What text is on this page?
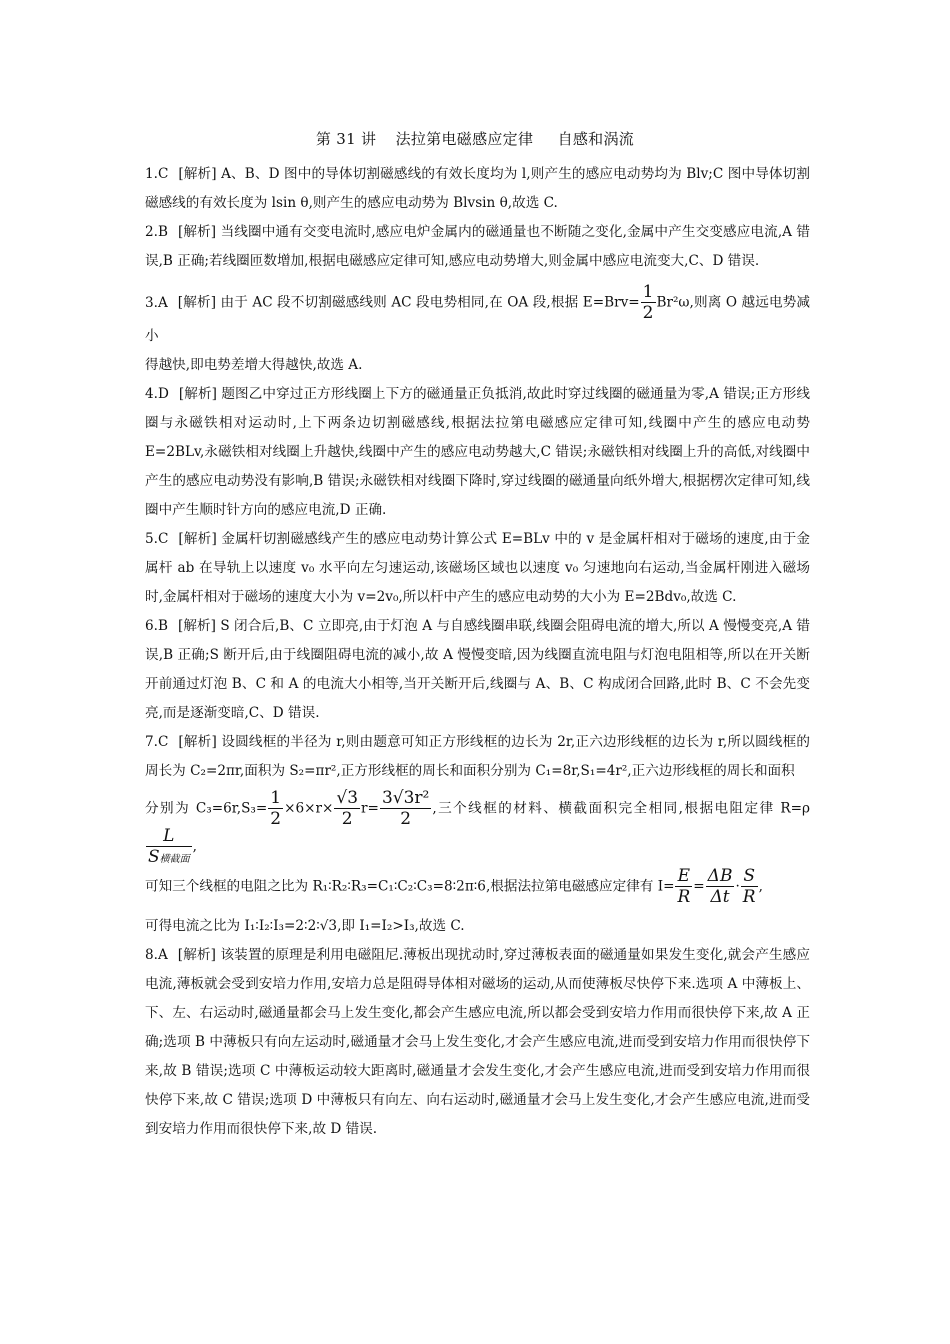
第 31 讲 法拉第电磁感应定律 自感和涡流

1.C [解析] A、B、D 图中的导体切割磁感线的有效长度均为 l,则产生的感应电动势均为 Blv;C 图中导体切割磁感线的有效长度为 lsin θ,则产生的感应电动势为 Blvsin θ,故选 C.

2.B [解析] 当线圈中通有交变电流时,感应电炉金属内的磁通量也不断随之变化,金属中产生交变感应电流,A 错误,B 正确;若线圈匝数增加,根据电磁感应定律可知,感应电动势增大,则金属中感应电流变大,C、D 错误.

3.A [解析] 由于 AC 段不切割磁感线则 AC 段电势相同,在 OA 段,根据 $E=Brv= \frac{1}{2} Br^2\omega$,则离 O 越远电势减小
得越快,即电势差增大得越快,故选 A.

4.D [解析] 题图乙中穿过正方形线圈上下方的磁通量正负抵消,故此时穿过线圈的磁通量为零,A 错误;正方形线圈与永磁铁相对运动时,上下两条边切割磁感线,根据法拉第电磁感应定律可知,线圈中产生的感应电动势 E=2BLv,永磁铁相对线圈上升越快,线圈中产生的感应电动势越大,C 错误;永磁铁相对线圈上升的高低,对线圈中产生的感应电动势没有影响,B 错误;永磁铁相对线圈下降时,穿过线圈的磁通量向纸外增大,根据楞次定律可知,线圈中产生顺时针方向的感应电流,D 正确.

5.C [解析] 金属杆切割磁感线产生的感应电动势计算公式 E=BLv 中的 v 是金属杆相对于磁场的速度,由于金属杆 ab 在导轨上以速度 v₀ 水平向左匀速运动,该磁场区域也以速度 v₀ 匀速地向右运动,当金属杆刚进入磁场时,金属杆相对于磁场的速度大小为 v=2v₀,所以杆中产生的感应电动势的大小为 E=2Bdv₀,故选 C.

6.B [解析] S 闭合后,B、C 立即亮,由于灯泡 A 与自感线圈串联,线圈会阻碍电流的增大,所以 A 慢慢变亮,A 错误,B 正确;S 断开后,由于线圈阻碍电流的减小,故 A 慢慢变暗,因为线圈直流电阻与灯泡电阻相等,所以在开关断开前通过灯泡 B、C 和 A 的电流大小相等,当开关断开后,线圈与 A、B、C 构成闭合回路,此时 B、C 不会先变亮,而是逐渐变暗,C、D 错误.

7.C [解析] 设圆线框的半径为 r,则由题意可知正方形线框的边长为 2r,正六边形线框的边长为 r,所以圆线框的周长为 C₂=2πr,面积为 S₂=πr²,正方形线框的周长和面积分别为 C₁=8r,S₁=4r²,正六边形线框的周长和面积

分别为 $C_3=6r,S_3= \frac{1}{2} \times 6\times r\times \frac{√3}{2} r= \frac{\text{3√3r²}}{2}$ ,三个线框的材料、横截面积完全相同,根据电阻定律 R=ρ
$\frac{L}{\text{S横截面}}$ ,

可知三个线框的电阻之比为 R₁∶R₂∶R₃=C₁∶C₂∶C₃=8∶2π∶6,根据法拉第电磁感应定律有 $I= \frac{E}{R} = \frac{\Delta B}{\Delta t} \cdot \frac{S}{R}$ ,

可得电流之比为 I₁∶I₂∶I₃=2∶2∶√3,即 I₁=I₂>I₃,故选 C.

8.A [解析] 该装置的原理是利用电磁阻尼.薄板出现扰动时,穿过薄板表面的磁通量如果发生变化,就会产生感应电流,薄板就会受到安培力作用,安培力总是阻碍导体相对磁场的运动,从而使薄板尽快停下来.选项 A 中薄板上、下、左、右运动时,磁通量都会马上发生变化,都会产生感应电流,所以都会受到安培力作用而很快停下来,故 A 正确;选项 B 中薄板只有向左运动时,磁通量才会马上发生变化,才会产生感应电流,进而受到安培力作用而很快停下来,故 B 错误;选项 C 中薄板运动较大距离时,磁通量才会发生变化,才会产生感应电流,进而受到安培力作用而很快停下来,故 C 错误;选项 D 中薄板只有向左、向右运动时,磁通量才会马上发生变化,才会产生感应电流,进而受到安培力作用而很快停下来,故 D 错误.
